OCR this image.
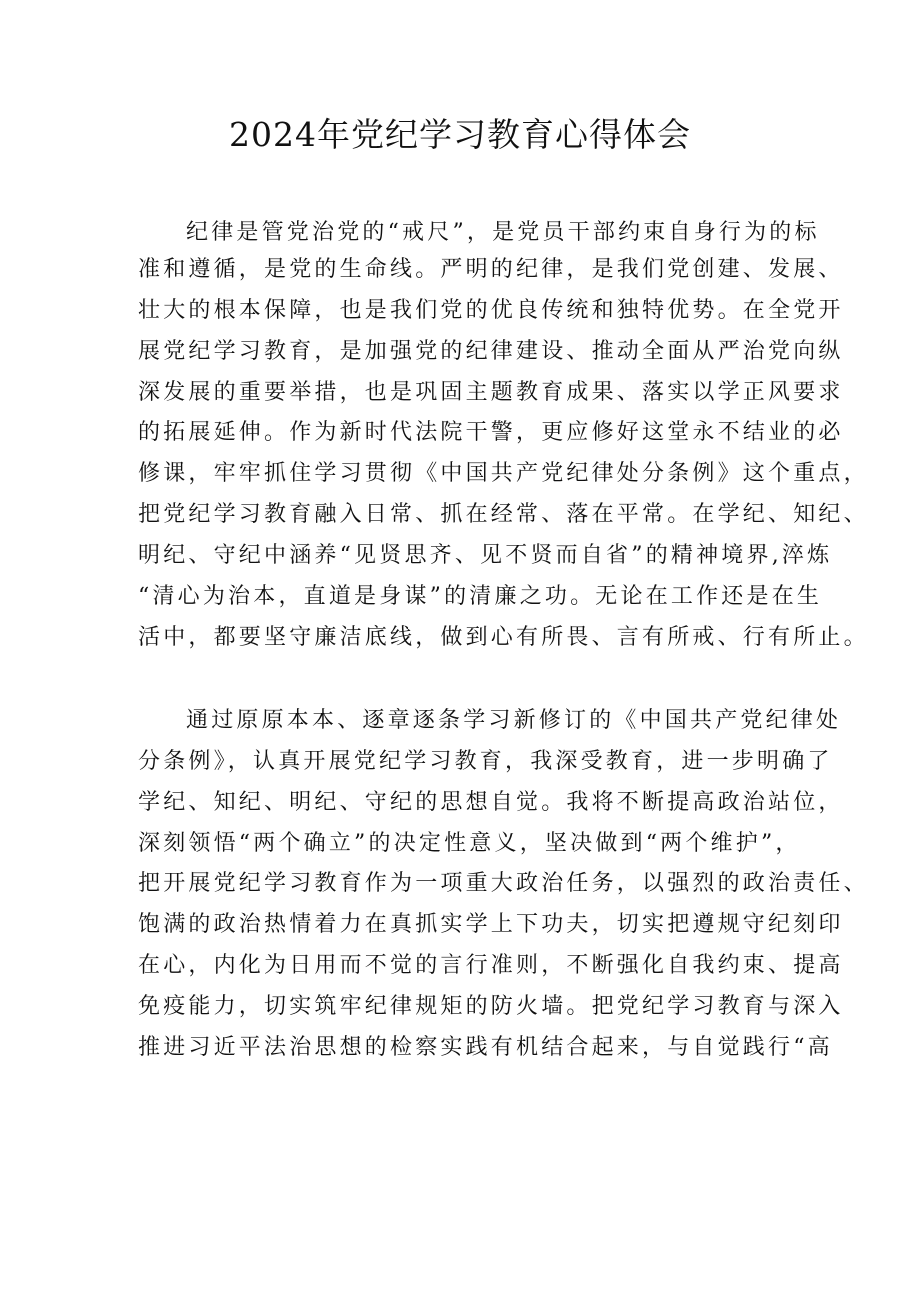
2024年党纪学习教育心得体会
纪律是管党治党的“戒尺”，是党员干部约束自身行为的标
准和遵循，是党的生命线。严明的纪律，是我们党创建、发展、
壮大的根本保障，也是我们党的优良传统和独特优势。在全党开
展党纪学习教育，是加强党的纪律建设、推动全面从严治党向纵
深发展的重要举措，也是巩固主题教育成果、落实以学正风要求
的拓展延伸。作为新时代法院干警，更应修好这堂永不结业的必
修课，牢牢抓住学习贯彻《中国共产党纪律处分条例》这个重点，
把党纪学习教育融入日常、抓在经常、落在平常。在学纪、知纪、
明纪、守纪中涵养“见贤思齐、见不贤而自省”的精神境界,淬炼
“清心为治本，直道是身谋”的清廉之功。无论在工作还是在生
活中，都要坚守廉洁底线，做到心有所畏、言有所戒、行有所止。
通过原原本本、逐章逐条学习新修订的《中国共产党纪律处
分条例》，认真开展党纪学习教育，我深受教育，进一步明确了
学纪、知纪、明纪、守纪的思想自觉。我将不断提高政治站位，
深刻领悟“两个确立”的决定性意义，坚决做到“两个维护”，
把开展党纪学习教育作为一项重大政治任务，以强烈的政治责任、
饱满的政治热情着力在真抓实学上下功夫，切实把遵规守纪刻印
在心，内化为日用而不觉的言行准则，不断强化自我约束、提高
免疫能力，切实筑牢纪律规矩的防火墙。把党纪学习教育与深入
推进习近平法治思想的检察实践有机结合起来，与自觉践行“高
